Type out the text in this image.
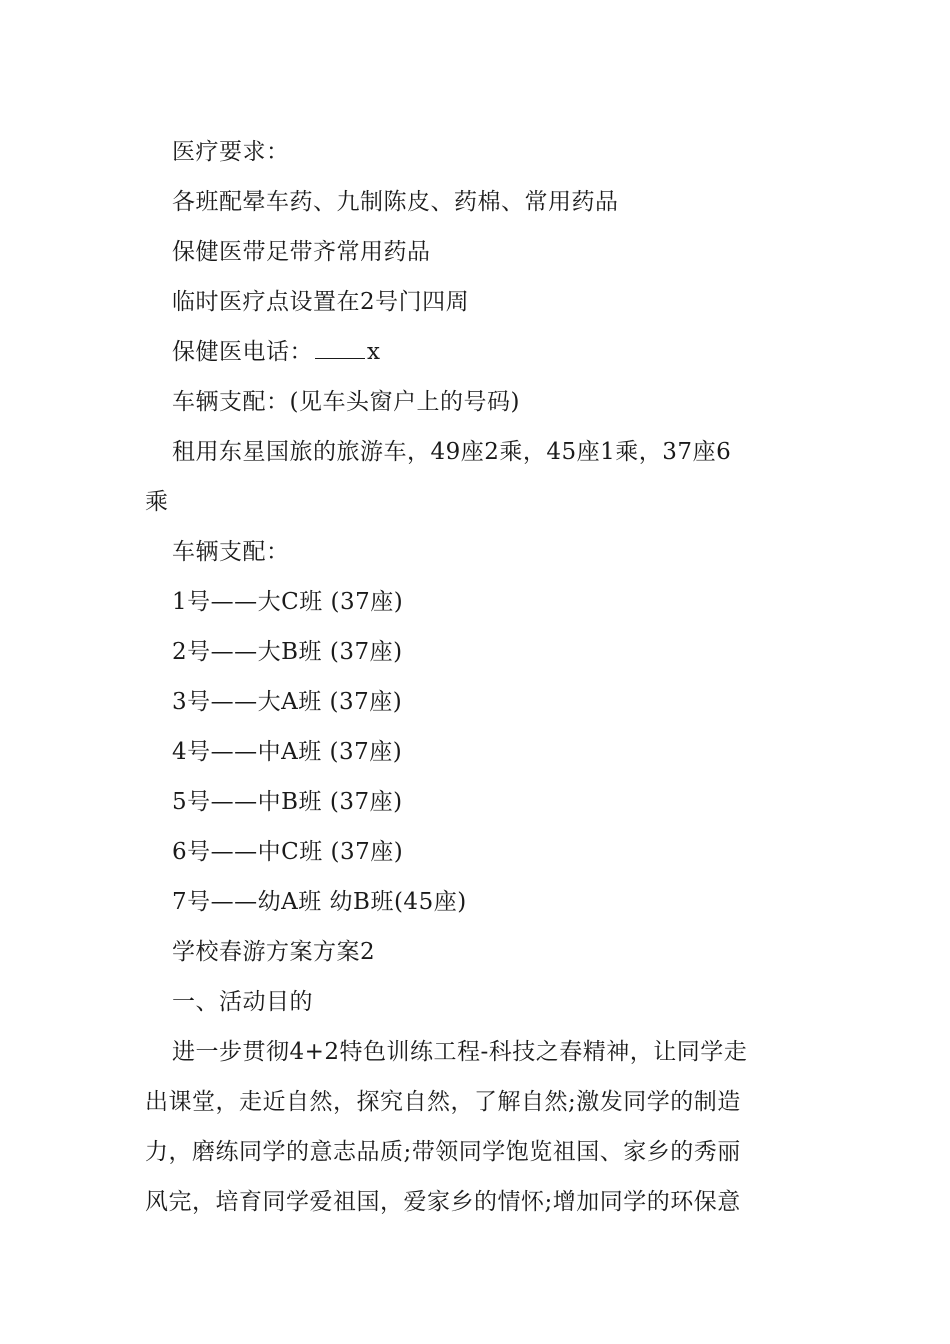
医疗要求：
各班配晕车药、九制陈皮、药棉、常用药品
保健医带足带齐常用药品
临时医疗点设置在2号门四周
保健医电话： x
车辆支配：(见车头窗户上的号码)
租用东星国旅的旅游车，49座2乘，45座1乘，37座6
乘
车辆支配：
1号——大C班 (37座)
2号——大B班 (37座)
3号——大A班 (37座)
4号——中A班 (37座)
5号——中B班 (37座)
6号——中C班 (37座)
7号——幼A班 幼B班(45座)
学校春游方案方案2
一、活动目的
进一步贯彻4+2特色训练工程-科技之春精神，让同学走
出课堂，走近自然，探究自然，了解自然;激发同学的制造
力，磨练同学的意志品质;带领同学饱览祖国、家乡的秀丽
风完，培育同学爱祖国，爱家乡的情怀;增加同学的环保意
